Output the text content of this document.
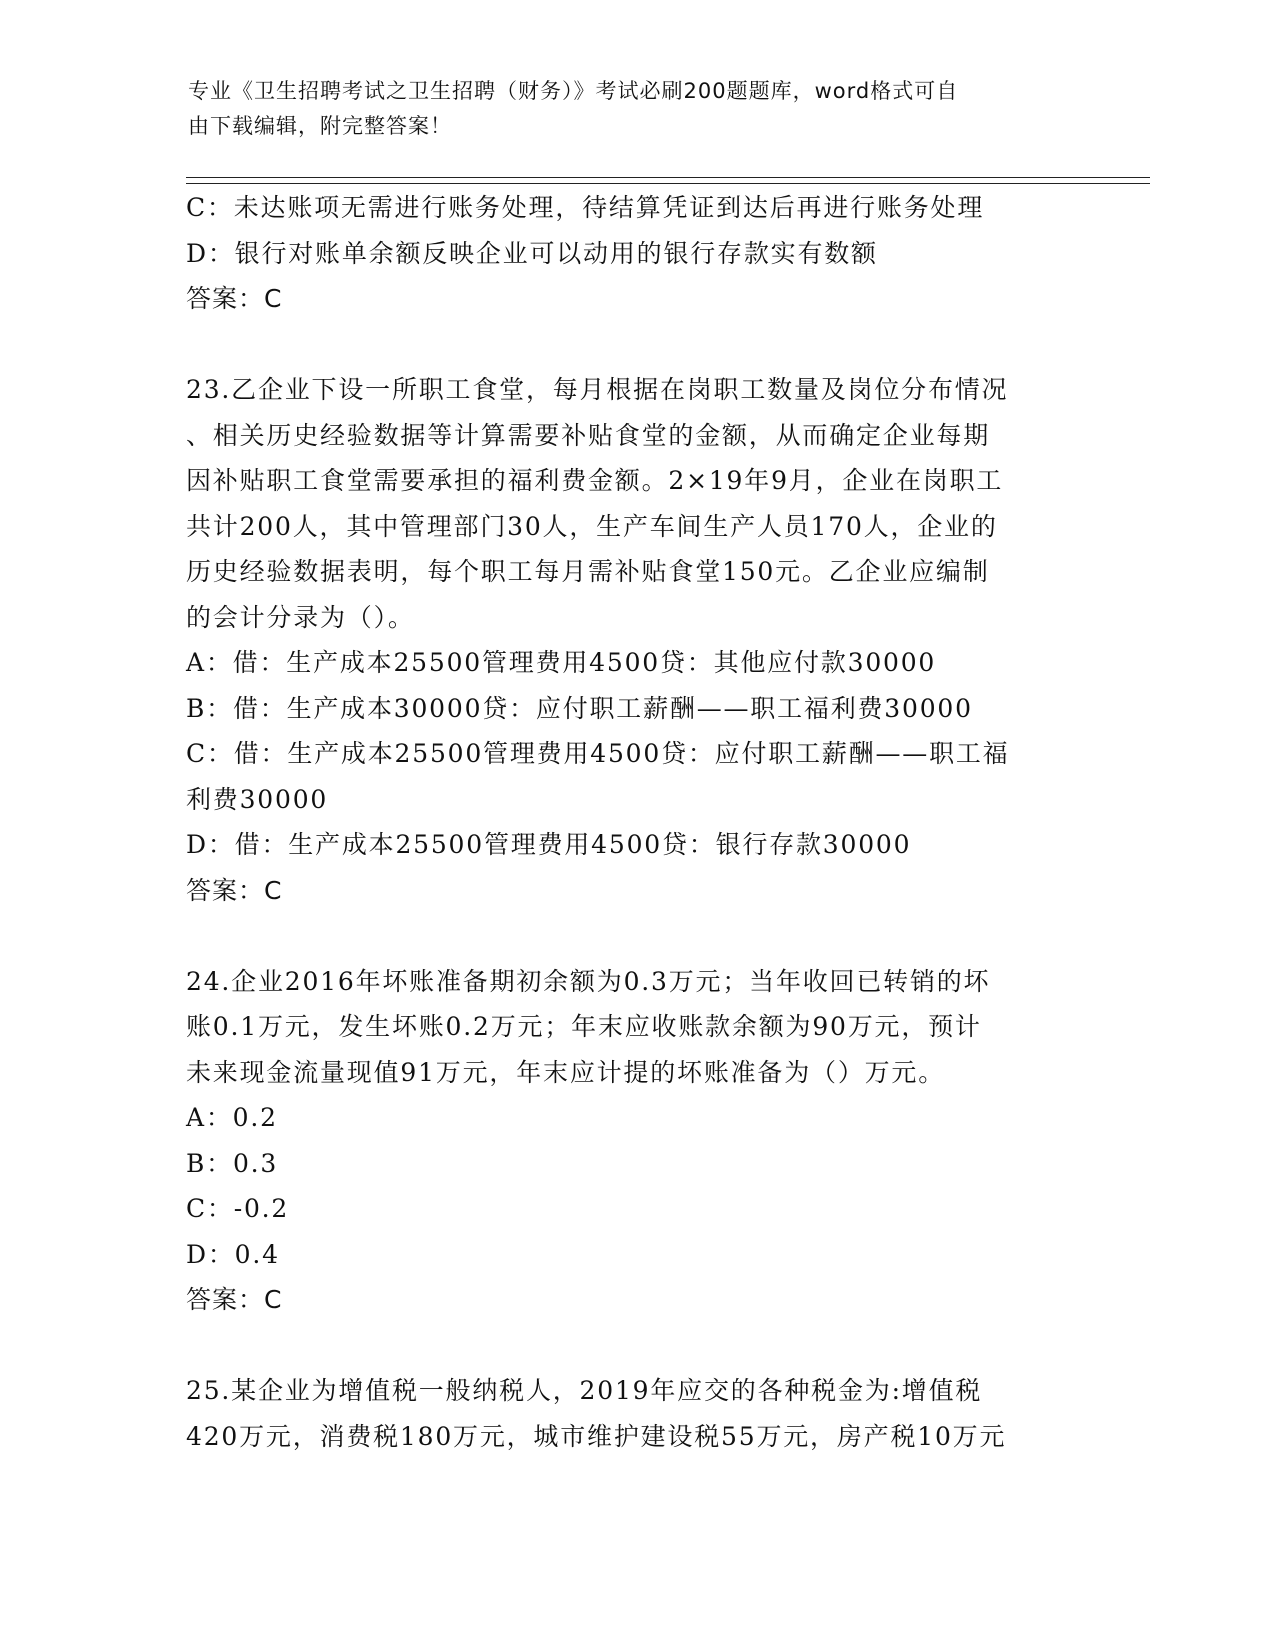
专业《卫生招聘考试之卫生招聘（财务）》考试必刷200题题库，word格式可自
由下载编辑，附完整答案！
C：未达账项无需进行账务处理，待结算凭证到达后再进行账务处理
D：银行对账单余额反映企业可以动用的银行存款实有数额
答案：C
23.乙企业下设一所职工食堂，每月根据在岗职工数量及岗位分布情况
、相关历史经验数据等计算需要补贴食堂的金额，从而确定企业每期
因补贴职工食堂需要承担的福利费金额。2×19年9月，企业在岗职工
共计200人，其中管理部门30人，生产车间生产人员170人，企业的
历史经验数据表明，每个职工每月需补贴食堂150元。乙企业应编制
的会计分录为（）。
A：借：生产成本25500管理费用4500贷：其他应付款30000
B：借：生产成本30000贷：应付职工薪酬——职工福利费30000
C：借：生产成本25500管理费用4500贷：应付职工薪酬——职工福
利费30000
D：借：生产成本25500管理费用4500贷：银行存款30000
答案：C
24.企业2016年坏账准备期初余额为0.3万元；当年收回已转销的坏
账0.1万元，发生坏账0.2万元；年末应收账款余额为90万元，预计
未来现金流量现值91万元，年末应计提的坏账准备为（）万元。
A：0.2
B：0.3
C：-0.2
D：0.4
答案：C
25.某企业为增值税一般纳税人，2019年应交的各种税金为:增值税
420万元，消费税180万元，城市维护建设税55万元，房产税10万元
